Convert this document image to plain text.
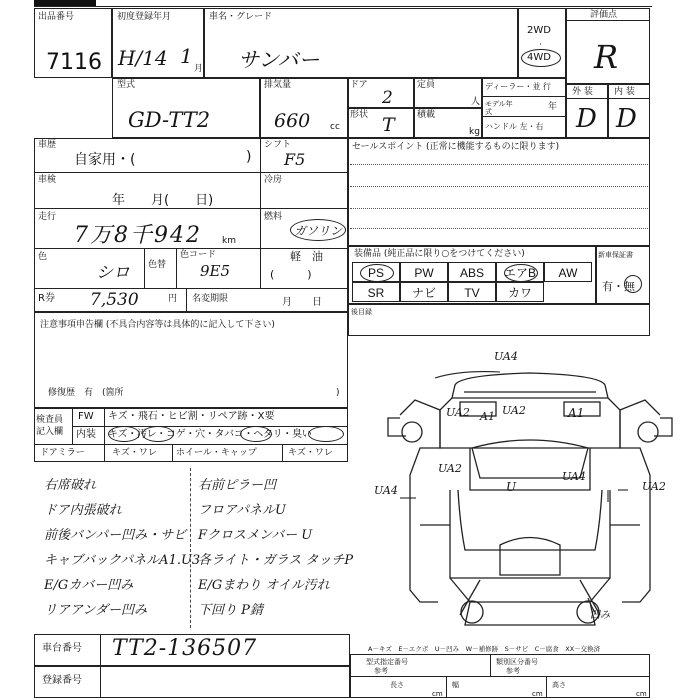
出品番号
7116
初度登録年月
H/14 1
月
車名・グレード
サンバー
2WD
·
4WD
評価点
R
型式
GD-TT2
排気量
660 cc
ドア
2
定員
人
形状 T 積載
kg
ディーラー・並 行
モデル年式	年
ハンドル 左・右
外 装 内 装
D D
車歴
自家用・(	)
シフト
F5
車検
年　　月(　　日)
冷房
走行
7万8千942 km
燃料
ガソリン
色
シロ 色替
色コード
9E5
軽　油
(　　　)
R券 7,530	円 名変期限	月　　日
セールスポイント (正常に機能するものに限ります)
装備品 (純正品に限り○をつけてください)
PS	PW	ABS	エアB	AW
SR	ナビ	TV	カワ
新車保証書
有・無
後目録
注意事項申告欄 (不具合内容等は具体的に記入して下さい)
修復歴　有　(箇所	)
検査員記入欄
FW キズ・飛石・ヒビ割・リペア跡・X要
内装 キズ・汚レ・コゲ・穴・タバコ・ヘタリ・臭い
ドアミラー	キズ・ワレ ホイール・キャップ	キズ・ワレ
右席破れ
ドア内張破れ
前後バンパー凹み・サビ
キャブバックパネルA1.U3
E/Gカバー凹み
リアアンダー凹み
右前ピラー凹
フロアパネルU
Fクロスメンバー U
各ライト・ガラス タッチP
E/Gまわり オイル汚れ
下回り P錆
UA4
UA2 A1 UA2	A1
UA2
U
UA4
UA4
UA2
凹み
A－キズ　E－エクボ　U－凹み　W－補修跡　S－サビ　C－腐食　XX－交換済
車台番号 TT2-136507
登録番号
型式指定番号
参考
類別区分番号
参考
長さ
cm
幅
cm
高さ
cm
